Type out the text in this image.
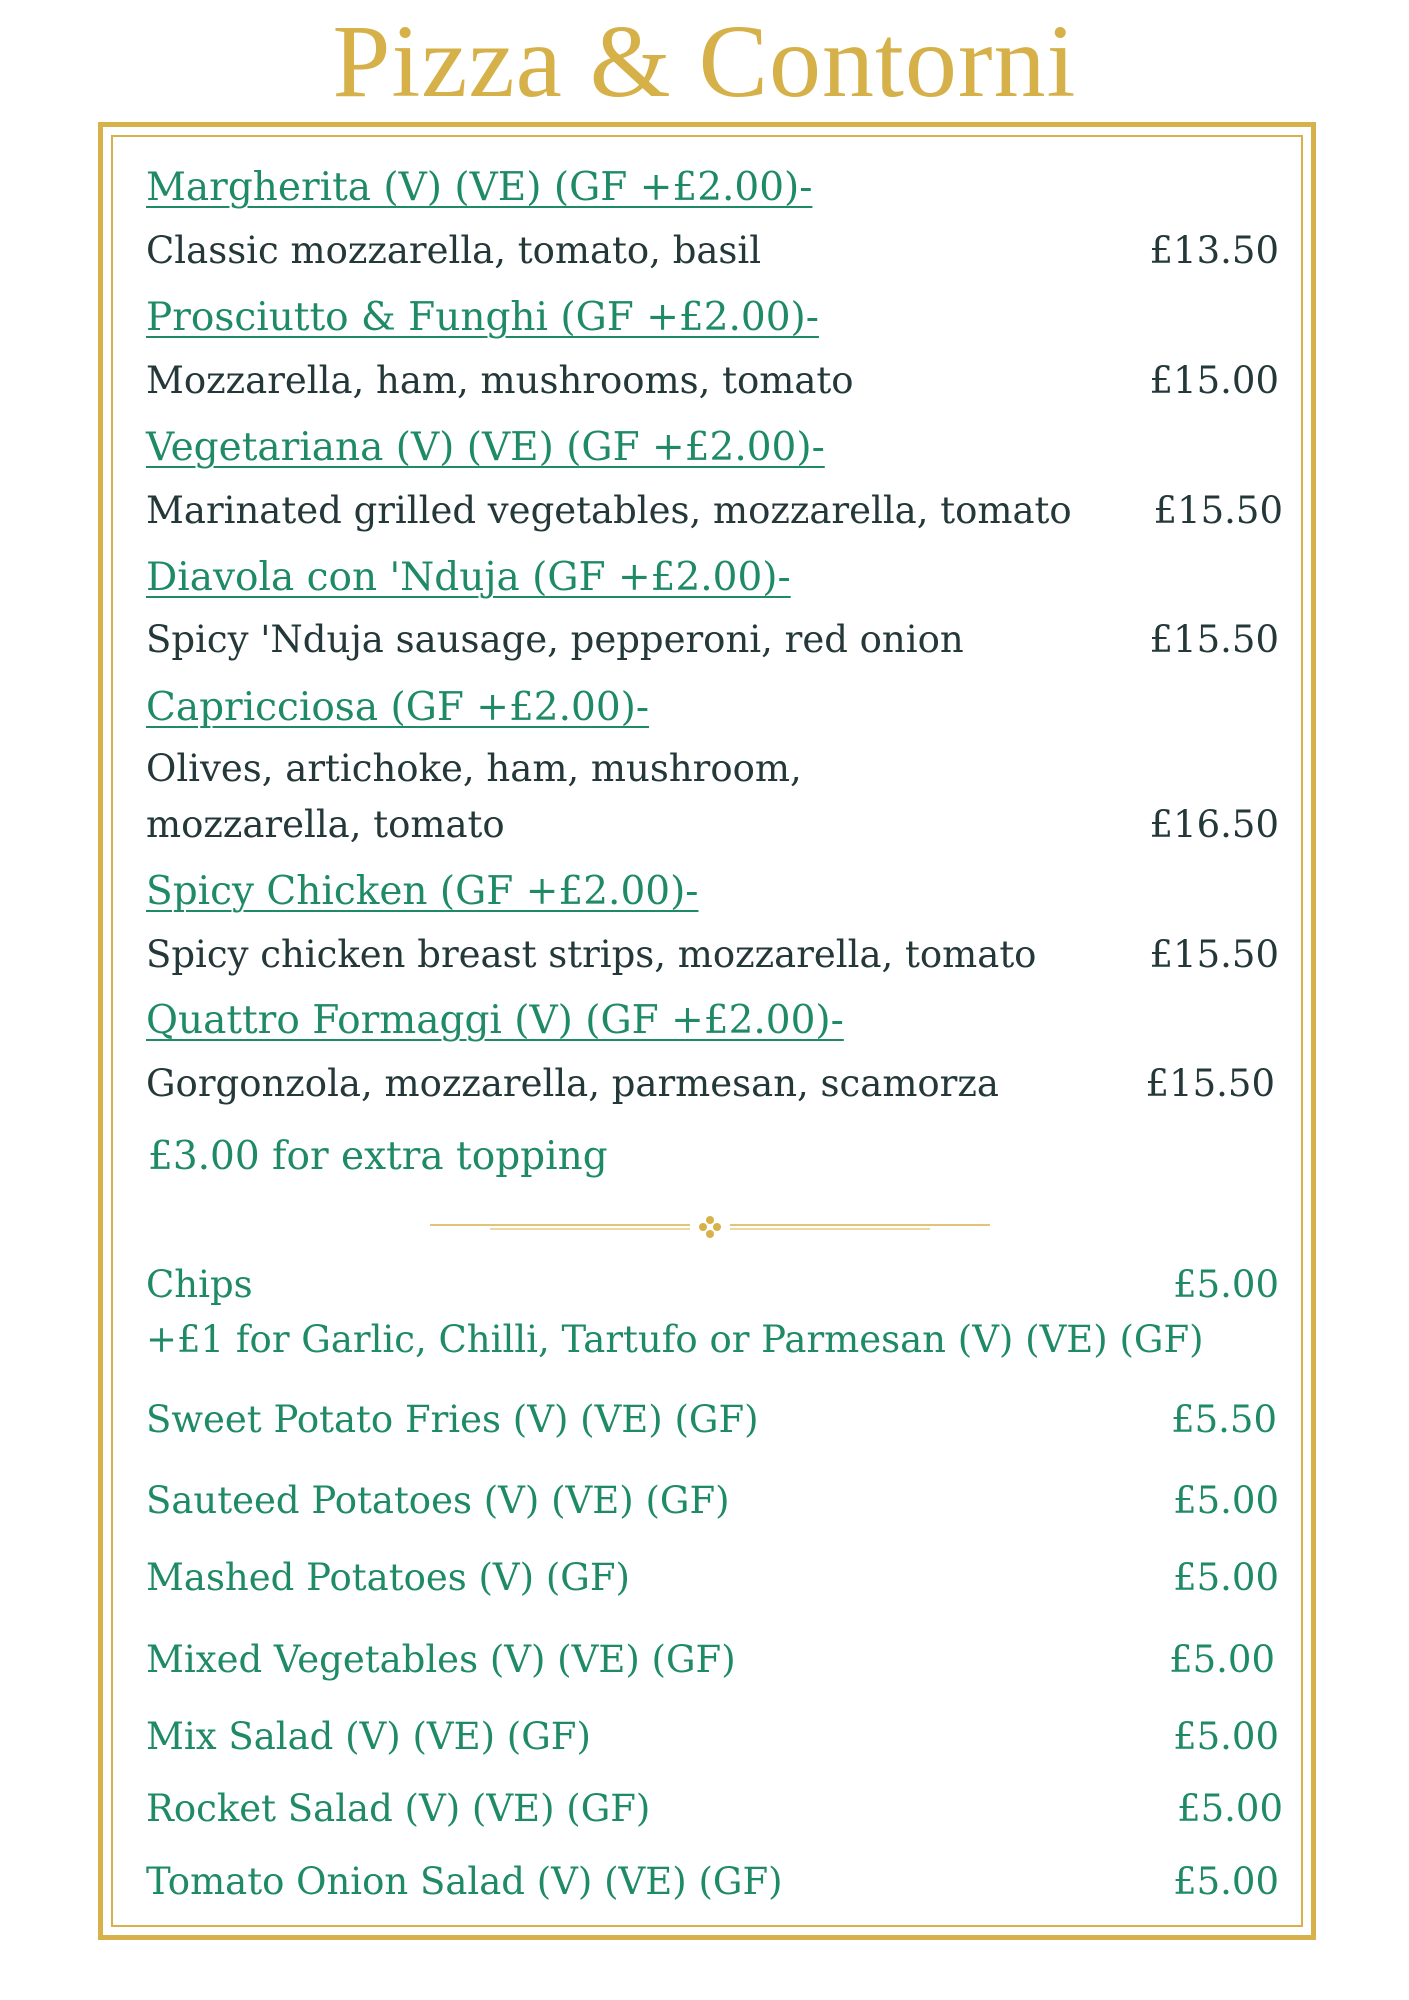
Pizza & Contorni
Margherita (V) (VE) (GF +£2.00)-
Classic mozzarella, tomato, basil	£13.50
Prosciutto & Funghi (GF +£2.00)-
Mozzarella, ham, mushrooms, tomato	£15.00
Vegetariana (V) (VE) (GF +£2.00)-
Marinated grilled vegetables, mozzarella, tomato £15.50
Diavola con 'Nduja (GF +£2.00)-
Spicy 'Nduja sausage, pepperoni, red onion	£15.50
Capricciosa (GF +£2.00)-
Olives, artichoke, ham, mushroom,
mozzarella, tomato	£16.50
Spicy Chicken (GF +£2.00)-
Spicy chicken breast strips, mozzarella, tomato	£15.50
Quattro Formaggi (V) (GF +£2.00)-
Gorgonzola, mozzarella, parmesan, scamorza	£15.50
£3.00 for extra topping
Chips	£5.00
+£1 for Garlic, Chilli, Tartufo or Parmesan (V) (VE) (GF)
Sweet Potato Fries (V) (VE) (GF)	£5.50
Sauteed Potatoes (V) (VE) (GF)	£5.00
Mashed Potatoes (V) (GF)	£5.00
Mixed Vegetables (V) (VE) (GF)	£5.00
Mix Salad (V) (VE) (GF)	£5.00
Rocket Salad (V) (VE) (GF)	£5.00
Tomato Onion Salad (V) (VE) (GF)	£5.00
